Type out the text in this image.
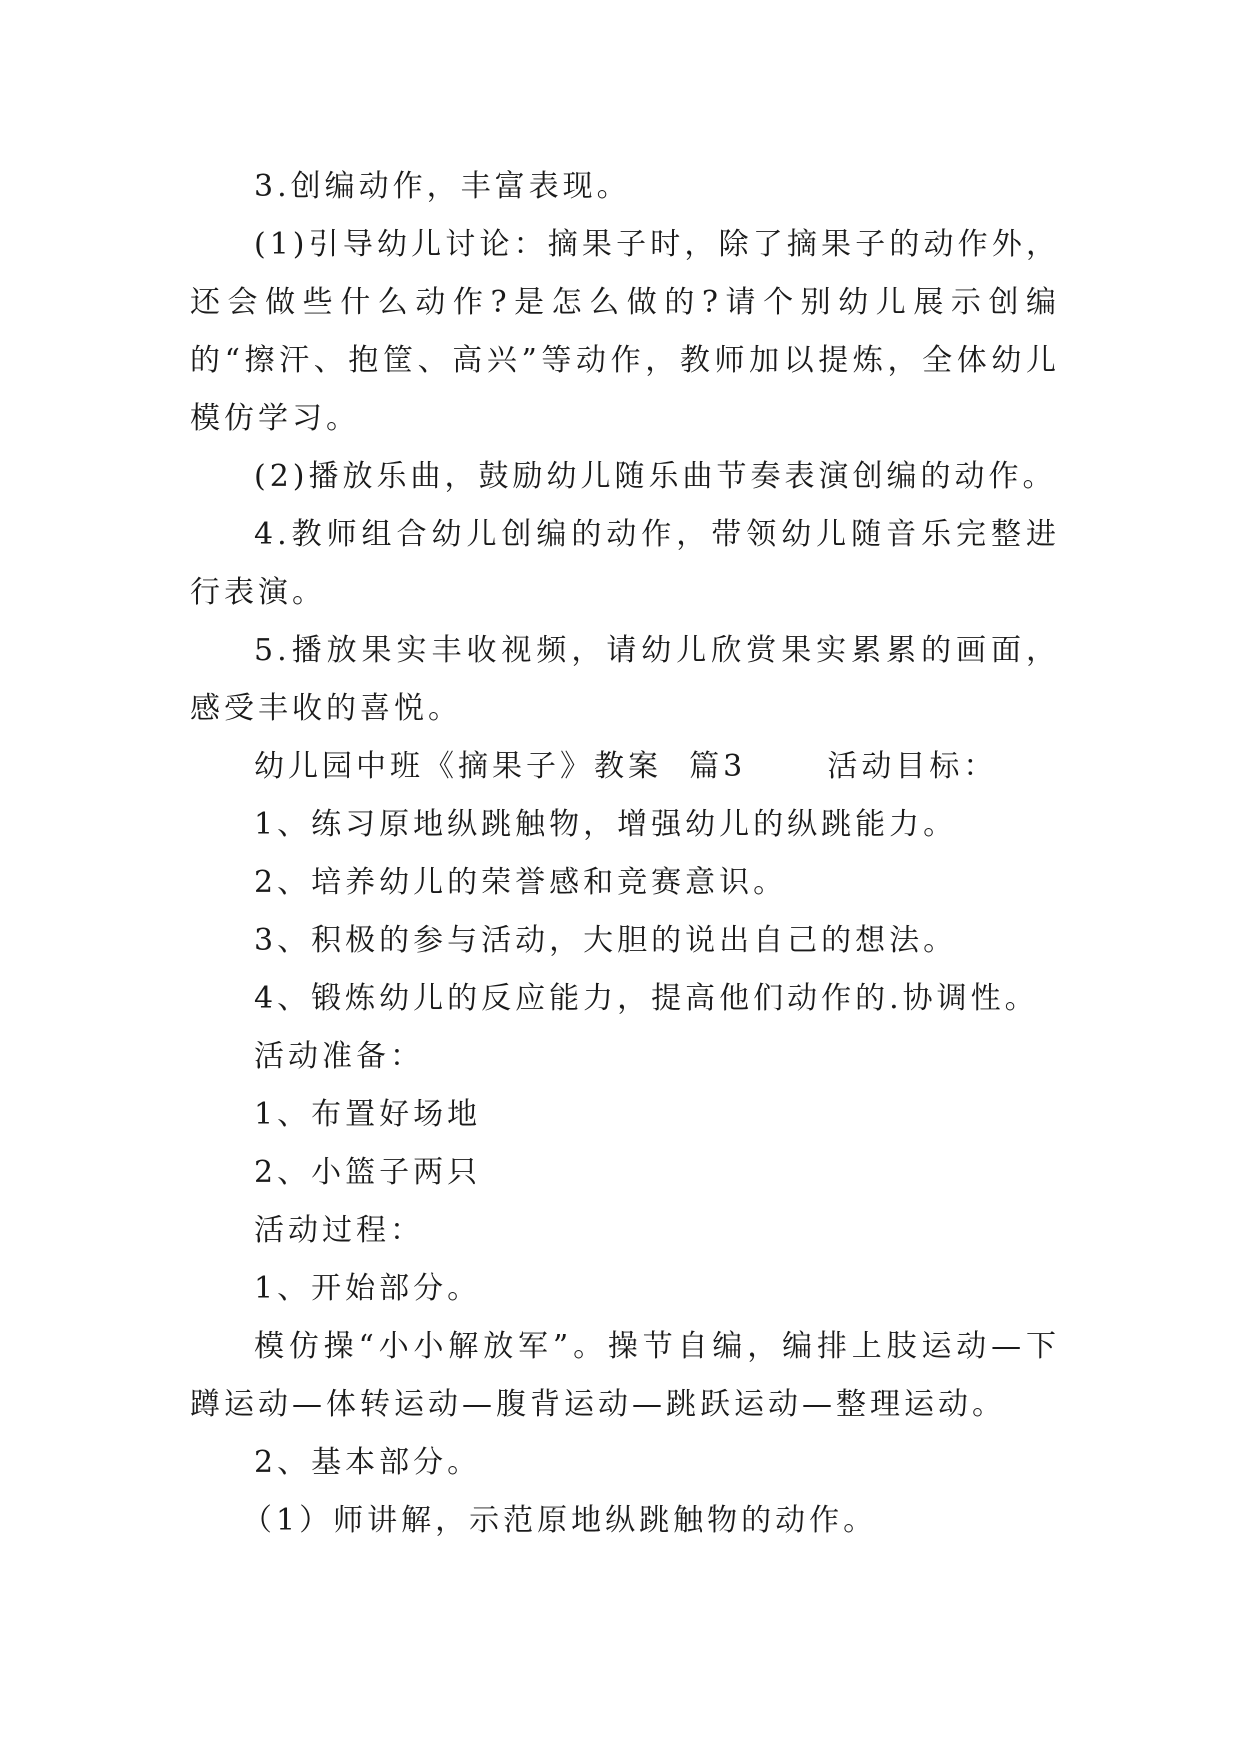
3.创编动作，丰富表现。

(1)引导幼儿讨论：摘果子时，除了摘果子的动作外，还会做些什么动作?是怎么做的?请个别幼儿展示创编的“擦汗、抱筐、高兴”等动作，教师加以提炼，全体幼儿模仿学习。

(2)播放乐曲，鼓励幼儿随乐曲节奏表演创编的动作。

4.教师组合幼儿创编的动作，带领幼儿随音乐完整进行表演。

5.播放果实丰收视频，请幼儿欣赏果实累累的画面，感受丰收的喜悦。

幼儿园中班《摘果子》教案  篇3      活动目标：

1、练习原地纵跳触物，增强幼儿的纵跳能力。

2、培养幼儿的荣誉感和竞赛意识。

3、积极的参与活动，大胆的说出自己的想法。

4、锻炼幼儿的反应能力，提高他们动作的.协调性。

活动准备：

1、布置好场地

2、小篮子两只

活动过程：

1、开始部分。

模仿操“小小解放军”。操节自编，编排上肢运动—下蹲运动—体转运动—腹背运动—跳跃运动—整理运动。

2、基本部分。

（1）师讲解，示范原地纵跳触物的动作。
